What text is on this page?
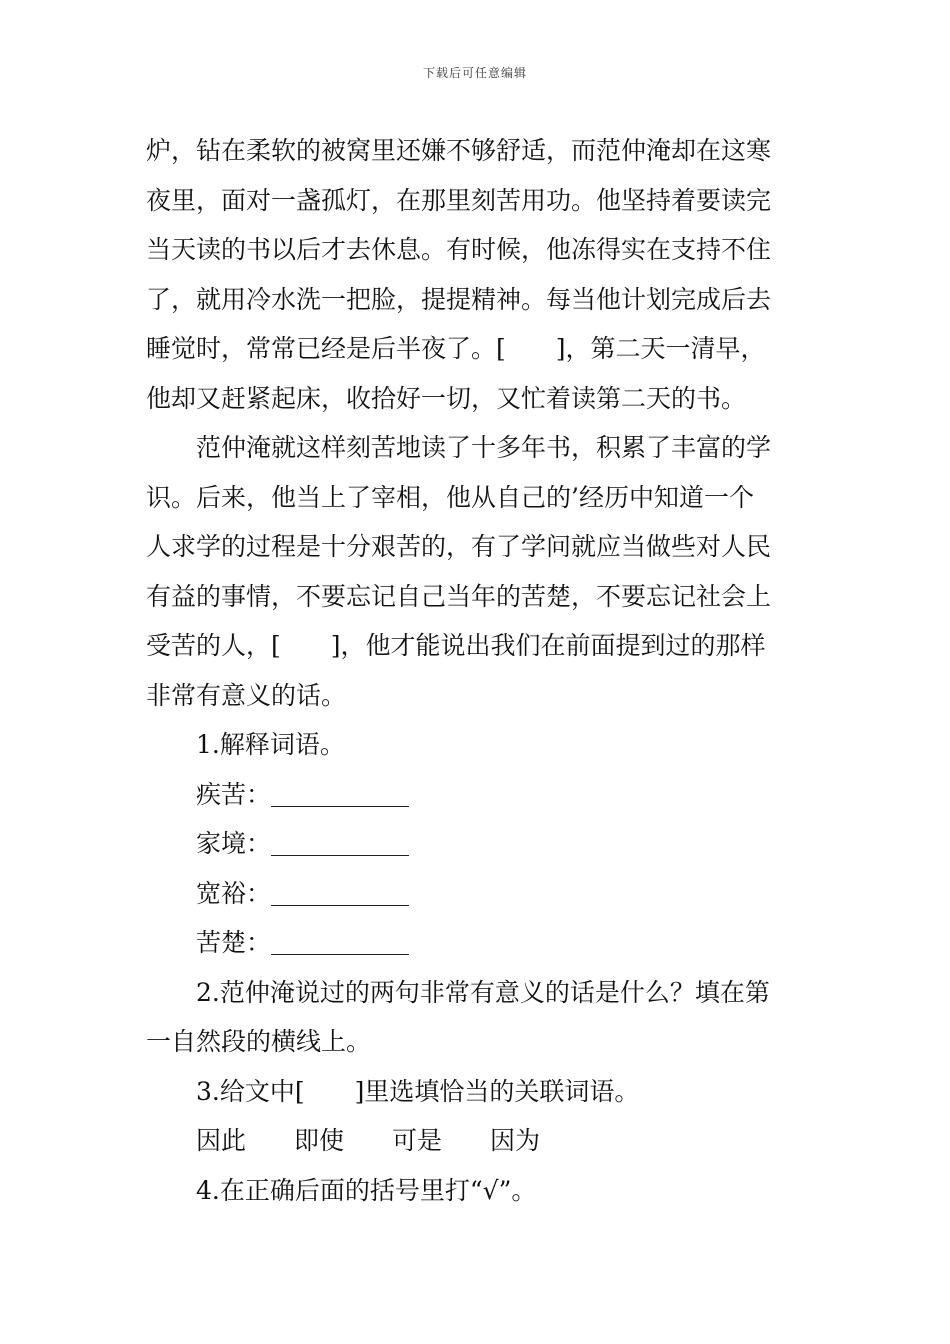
下载后可任意编辑
炉，钻在柔软的被窝里还嫌不够舒适，而范仲淹却在这寒
夜里，面对一盏孤灯，在那里刻苦用功。他坚持着要读完
当天读的书以后才去休息。有时候，他冻得实在支持不住
了，就用冷水洗一把脸，提提精神。每当他计划完成后去
睡觉时，常常已经是后半夜了。[　　]，第二天一清早，
他却又赶紧起床，收拾好一切，又忙着读第二天的书。
范仲淹就这样刻苦地读了十多年书，积累了丰富的学
识。后来，他当上了宰相，他从自己的’经历中知道一个
人求学的过程是十分艰苦的，有了学问就应当做些对人民
有益的事情，不要忘记自己当年的苦楚，不要忘记社会上
受苦的人，[　　]，他才能说出我们在前面提到过的那样
非常有意义的话。
1.解释词语。
疾苦：
家境：
宽裕：
苦楚：
2.范仲淹说过的两句非常有意义的话是什么？填在第
一自然段的横线上。
3.给文中[　　]里选填恰当的关联词语。
因此 即使 可是 因为
4.在正确后面的括号里打“√”。
